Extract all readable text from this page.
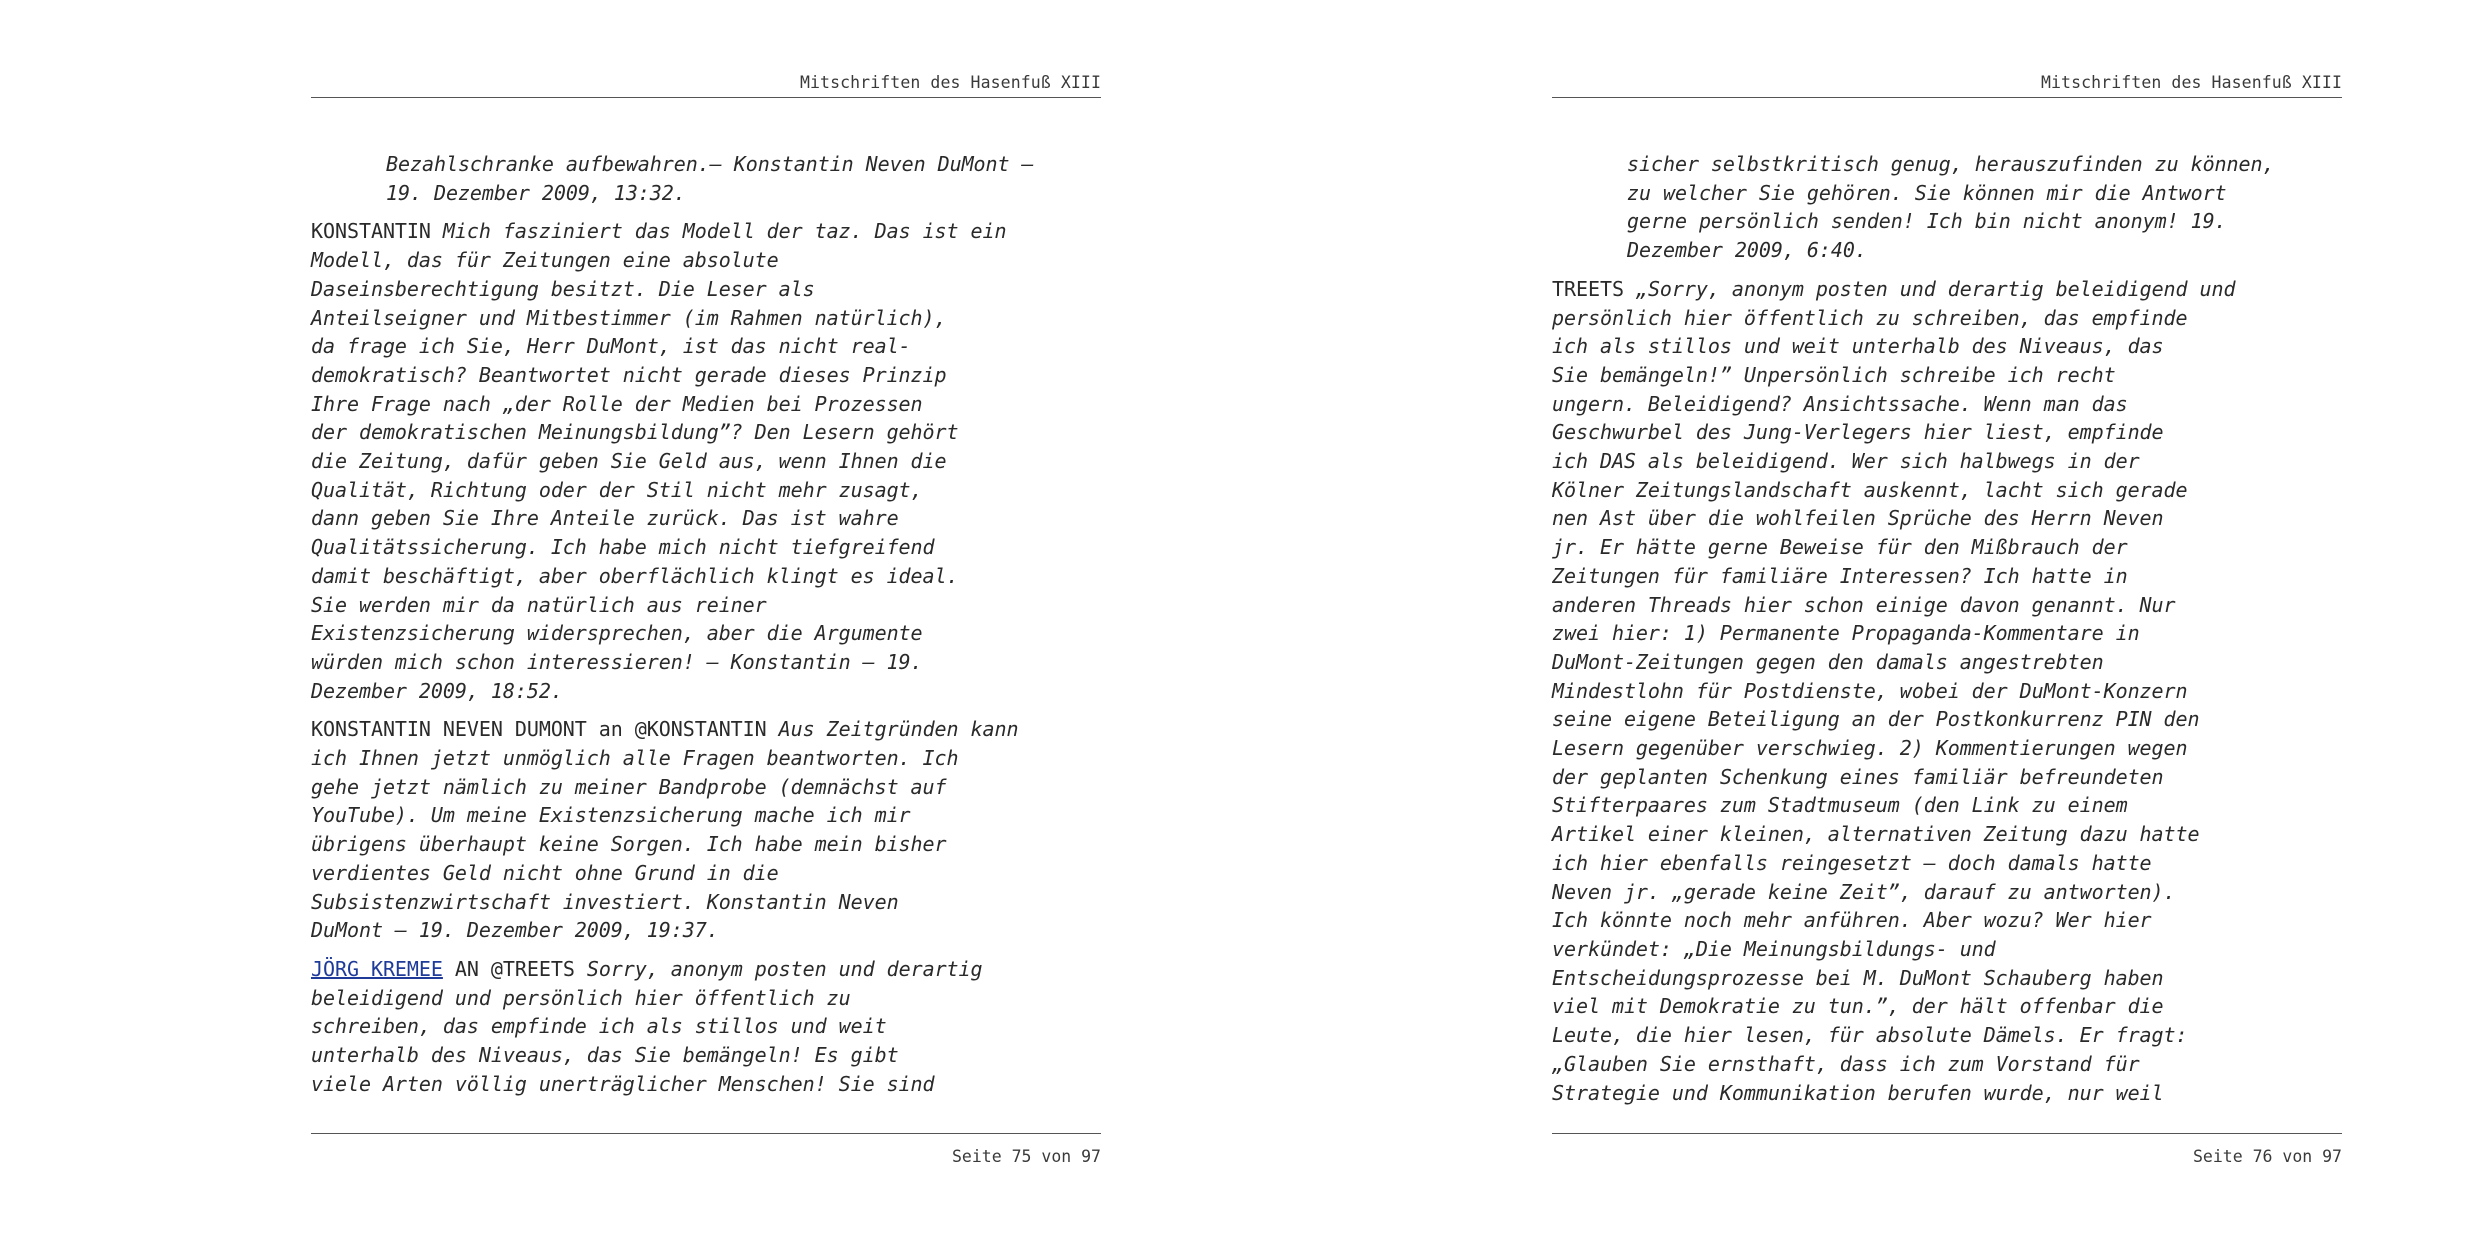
Mitschriften des Hasenfuß XIII
Bezahlschranke aufbewahren.— Konstantin Neven DuMont —
19. Dezember 2009, 13:32.
KONSTANTIN Mich fasziniert das Modell der taz. Das ist ein
Modell, das für Zeitungen eine absolute
Daseinsberechtigung besitzt. Die Leser als
Anteilseigner und Mitbestimmer (im Rahmen natürlich),
da frage ich Sie, Herr DuMont, ist das nicht real-
demokratisch? Beantwortet nicht gerade dieses Prinzip
Ihre Frage nach „der Rolle der Medien bei Prozessen
der demokratischen Meinungsbildung”? Den Lesern gehört
die Zeitung, dafür geben Sie Geld aus, wenn Ihnen die
Qualität, Richtung oder der Stil nicht mehr zusagt,
dann geben Sie Ihre Anteile zurück. Das ist wahre
Qualitätssicherung. Ich habe mich nicht tiefgreifend
damit beschäftigt, aber oberflächlich klingt es ideal.
Sie werden mir da natürlich aus reiner
Existenzsicherung widersprechen, aber die Argumente
würden mich schon interessieren! — Konstantin — 19.
Dezember 2009, 18:52.
KONSTANTIN NEVEN DUMONT an @KONSTANTIN Aus Zeitgründen kann
ich Ihnen jetzt unmöglich alle Fragen beantworten. Ich
gehe jetzt nämlich zu meiner Bandprobe (demnächst auf
YouTube). Um meine Existenzsicherung mache ich mir
übrigens überhaupt keine Sorgen. Ich habe mein bisher
verdientes Geld nicht ohne Grund in die
Subsistenzwirtschaft investiert. Konstantin Neven
DuMont — 19. Dezember 2009, 19:37.
JÖRG KREMEE AN @TREETS Sorry, anonym posten und derartig
beleidigend und persönlich hier öffentlich zu
schreiben, das empfinde ich als stillos und weit
unterhalb des Niveaus, das Sie bemängeln! Es gibt
viele Arten völlig unerträglicher Menschen! Sie sind
Seite 75 von 97
Mitschriften des Hasenfuß XIII
sicher selbstkritisch genug, herauszufinden zu können,
zu welcher Sie gehören. Sie können mir die Antwort
gerne persönlich senden! Ich bin nicht anonym! 19.
Dezember 2009, 6:40.
TREETS „Sorry, anonym posten und derartig beleidigend und
persönlich hier öffentlich zu schreiben, das empfinde
ich als stillos und weit unterhalb des Niveaus, das
Sie bemängeln!” Unpersönlich schreibe ich recht
ungern. Beleidigend? Ansichtssache. Wenn man das
Geschwurbel des Jung-Verlegers hier liest, empfinde
ich DAS als beleidigend. Wer sich halbwegs in der
Kölner Zeitungslandschaft auskennt, lacht sich gerade
nen Ast über die wohlfeilen Sprüche des Herrn Neven
jr. Er hätte gerne Beweise für den Mißbrauch der
Zeitungen für familiäre Interessen? Ich hatte in
anderen Threads hier schon einige davon genannt. Nur
zwei hier: 1) Permanente Propaganda-Kommentare in
DuMont-Zeitungen gegen den damals angestrebten
Mindestlohn für Postdienste, wobei der DuMont-Konzern
seine eigene Beteiligung an der Postkonkurrenz PIN den
Lesern gegenüber verschwieg. 2) Kommentierungen wegen
der geplanten Schenkung eines familiär befreundeten
Stifterpaares zum Stadtmuseum (den Link zu einem
Artikel einer kleinen, alternativen Zeitung dazu hatte
ich hier ebenfalls reingesetzt – doch damals hatte
Neven jr. „gerade keine Zeit”, darauf zu antworten).
Ich könnte noch mehr anführen. Aber wozu? Wer hier
verkündet: „Die Meinungsbildungs- und
Entscheidungsprozesse bei M. DuMont Schauberg haben
viel mit Demokratie zu tun.”, der hält offenbar die
Leute, die hier lesen, für absolute Dämels. Er fragt:
„Glauben Sie ernsthaft, dass ich zum Vorstand für
Strategie und Kommunikation berufen wurde, nur weil
Seite 76 von 97
